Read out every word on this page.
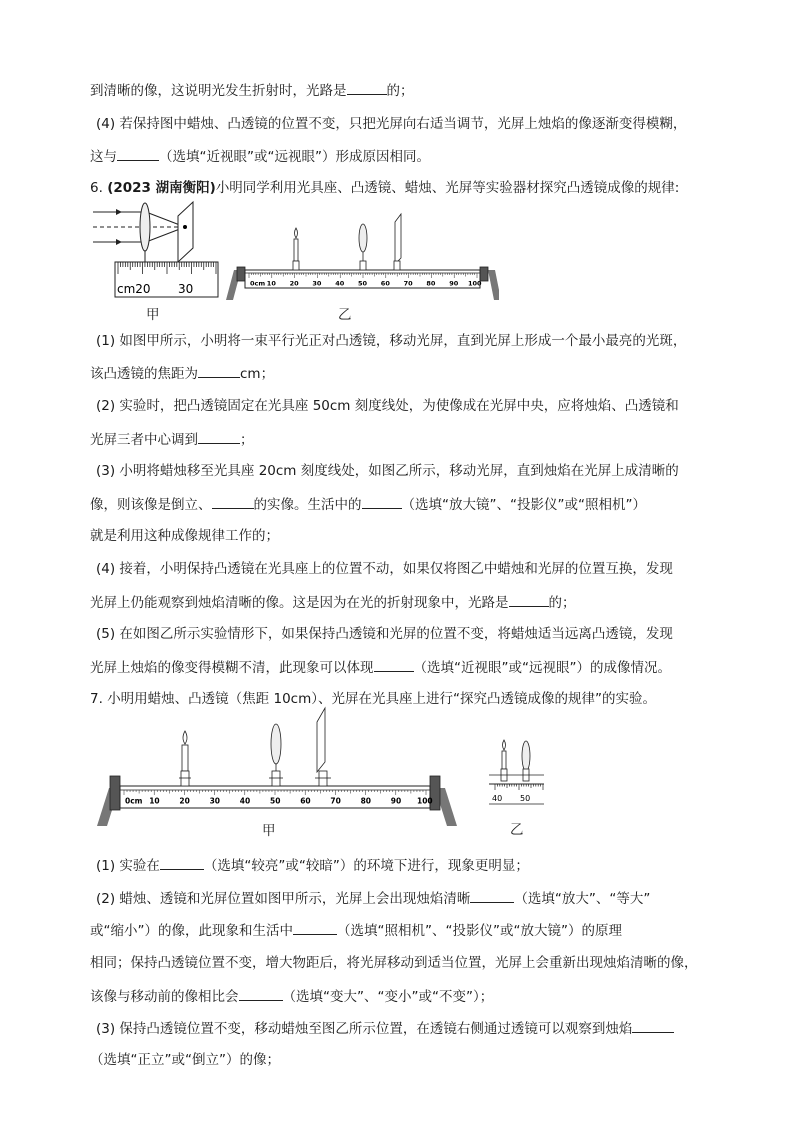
到清晰的像，这说明光发生折射时，光路是	的；
(4) 若保持图中蜡烛、凸透镜的位置不变，只把光屏向右适当调节，光屏上烛焰的像逐渐变得模糊，
这与	（选填“近视眼”或“远视眼”）形成原因相同。
6. (2023 湖南衡阳)小明同学利用光具座、凸透镜、蜡烛、光屏等实验器材探究凸透镜成像的规律:
cm20 30
甲
0cm 10 20 30 40 50 60 70 80 90 100
乙
(1) 如图甲所示，小明将一束平行光正对凸透镜，移动光屏，直到光屏上形成一个最小最亮的光斑，
该凸透镜的焦距为	cm；
(2) 实验时，把凸透镜固定在光具座 50cm 刻度线处，为使像成在光屏中央，应将烛焰、凸透镜和
光屏三者中心调到	；
(3) 小明将蜡烛移至光具座 20cm 刻度线处，如图乙所示，移动光屏，直到烛焰在光屏上成清晰的
像，则该像是倒立、	的实像。生活中的	（选填“放大镜”、“投影仪”或“照相机”）
就是利用这种成像规律工作的；
(4) 接着，小明保持凸透镜在光具座上的位置不动，如果仅将图乙中蜡烛和光屏的位置互换，发现
光屏上仍能观察到烛焰清晰的像。这是因为在光的折射现象中，光路是	的；
(5) 在如图乙所示实验情形下，如果保持凸透镜和光屏的位置不变，将蜡烛适当远离凸透镜，发现
光屏上烛焰的像变得模糊不清，此现象可以体现	（选填“近视眼”或“远视眼”）的成像情况。
7. 小明用蜡烛、凸透镜（焦距 10cm）、光屏在光具座上进行“探究凸透镜成像的规律”的实验。
0cm 10	20	30	40	50	60	70	80	90 100
甲
40 50
乙
(1) 实验在	（选填“较亮”或“较暗”）的环境下进行，现象更明显；
(2) 蜡烛、透镜和光屏位置如图甲所示，光屏上会出现烛焰清晰	（选填“放大”、“等大”
或“缩小”）的像，此现象和生活中	（选填“照相机”、“投影仪”或“放大镜”）的原理
相同；保持凸透镜位置不变，增大物距后，将光屏移动到适当位置，光屏上会重新出现烛焰清晰的像，
该像与移动前的像相比会	（选填“变大”、“变小”或“不变”）；
(3) 保持凸透镜位置不变，移动蜡烛至图乙所示位置，在透镜右侧通过透镜可以观察到烛焰
（选填“正立”或“倒立”）的像；
